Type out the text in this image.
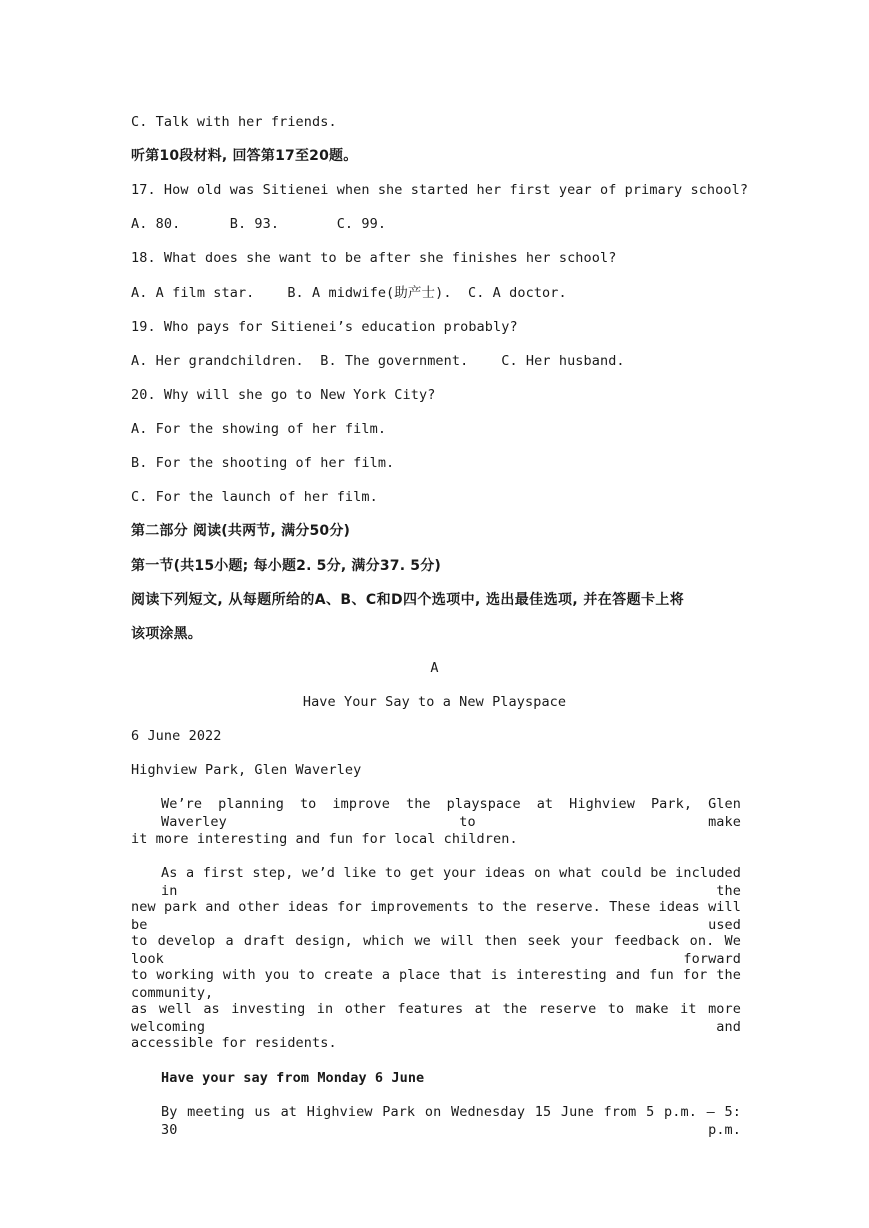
C. Talk with her friends.
听第10段材料, 回答第17至20题。
17. How old was Sitienei when she started her first year of primary school?
A. 80.      B. 93.       C. 99.
18. What does she want to be after she finishes her school?
A. A film star.    B. A midwife(助产士).  C. A doctor.
19. Who pays for Sitienei’s education probably?
A. Her grandchildren.  B. The government.    C. Her husband.
20. Why will she go to New York City?
A. For the showing of her film.
B. For the shooting of her film.
C. For the launch of her film.
第二部分 阅读(共两节, 满分50分)
第一节(共15小题; 每小题2. 5分, 满分37. 5分)
阅读下列短文, 从每题所给的A、B、C和D四个选项中, 选出最佳选项, 并在答题卡上将
该项涂黑。
A
Have Your Say to a New Playspace
6 June 2022
Highview Park, Glen Waverley
We’re planning to improve the playspace at Highview Park, Glen Waverley to make
it more interesting and fun for local children.
As a first step, we’d like to get your ideas on what could be included in the
new park and other ideas for improvements to the reserve. These ideas will be used
to develop a draft design, which we will then seek your feedback on. We look forward
to working with you to create a place that is interesting and fun for the community,
as well as investing in other features at the reserve to make it more welcoming and
accessible for residents.
Have your say from Monday 6 June
By meeting us at Highview Park on Wednesday 15 June from 5 p.m. — 5: 30 p.m.
